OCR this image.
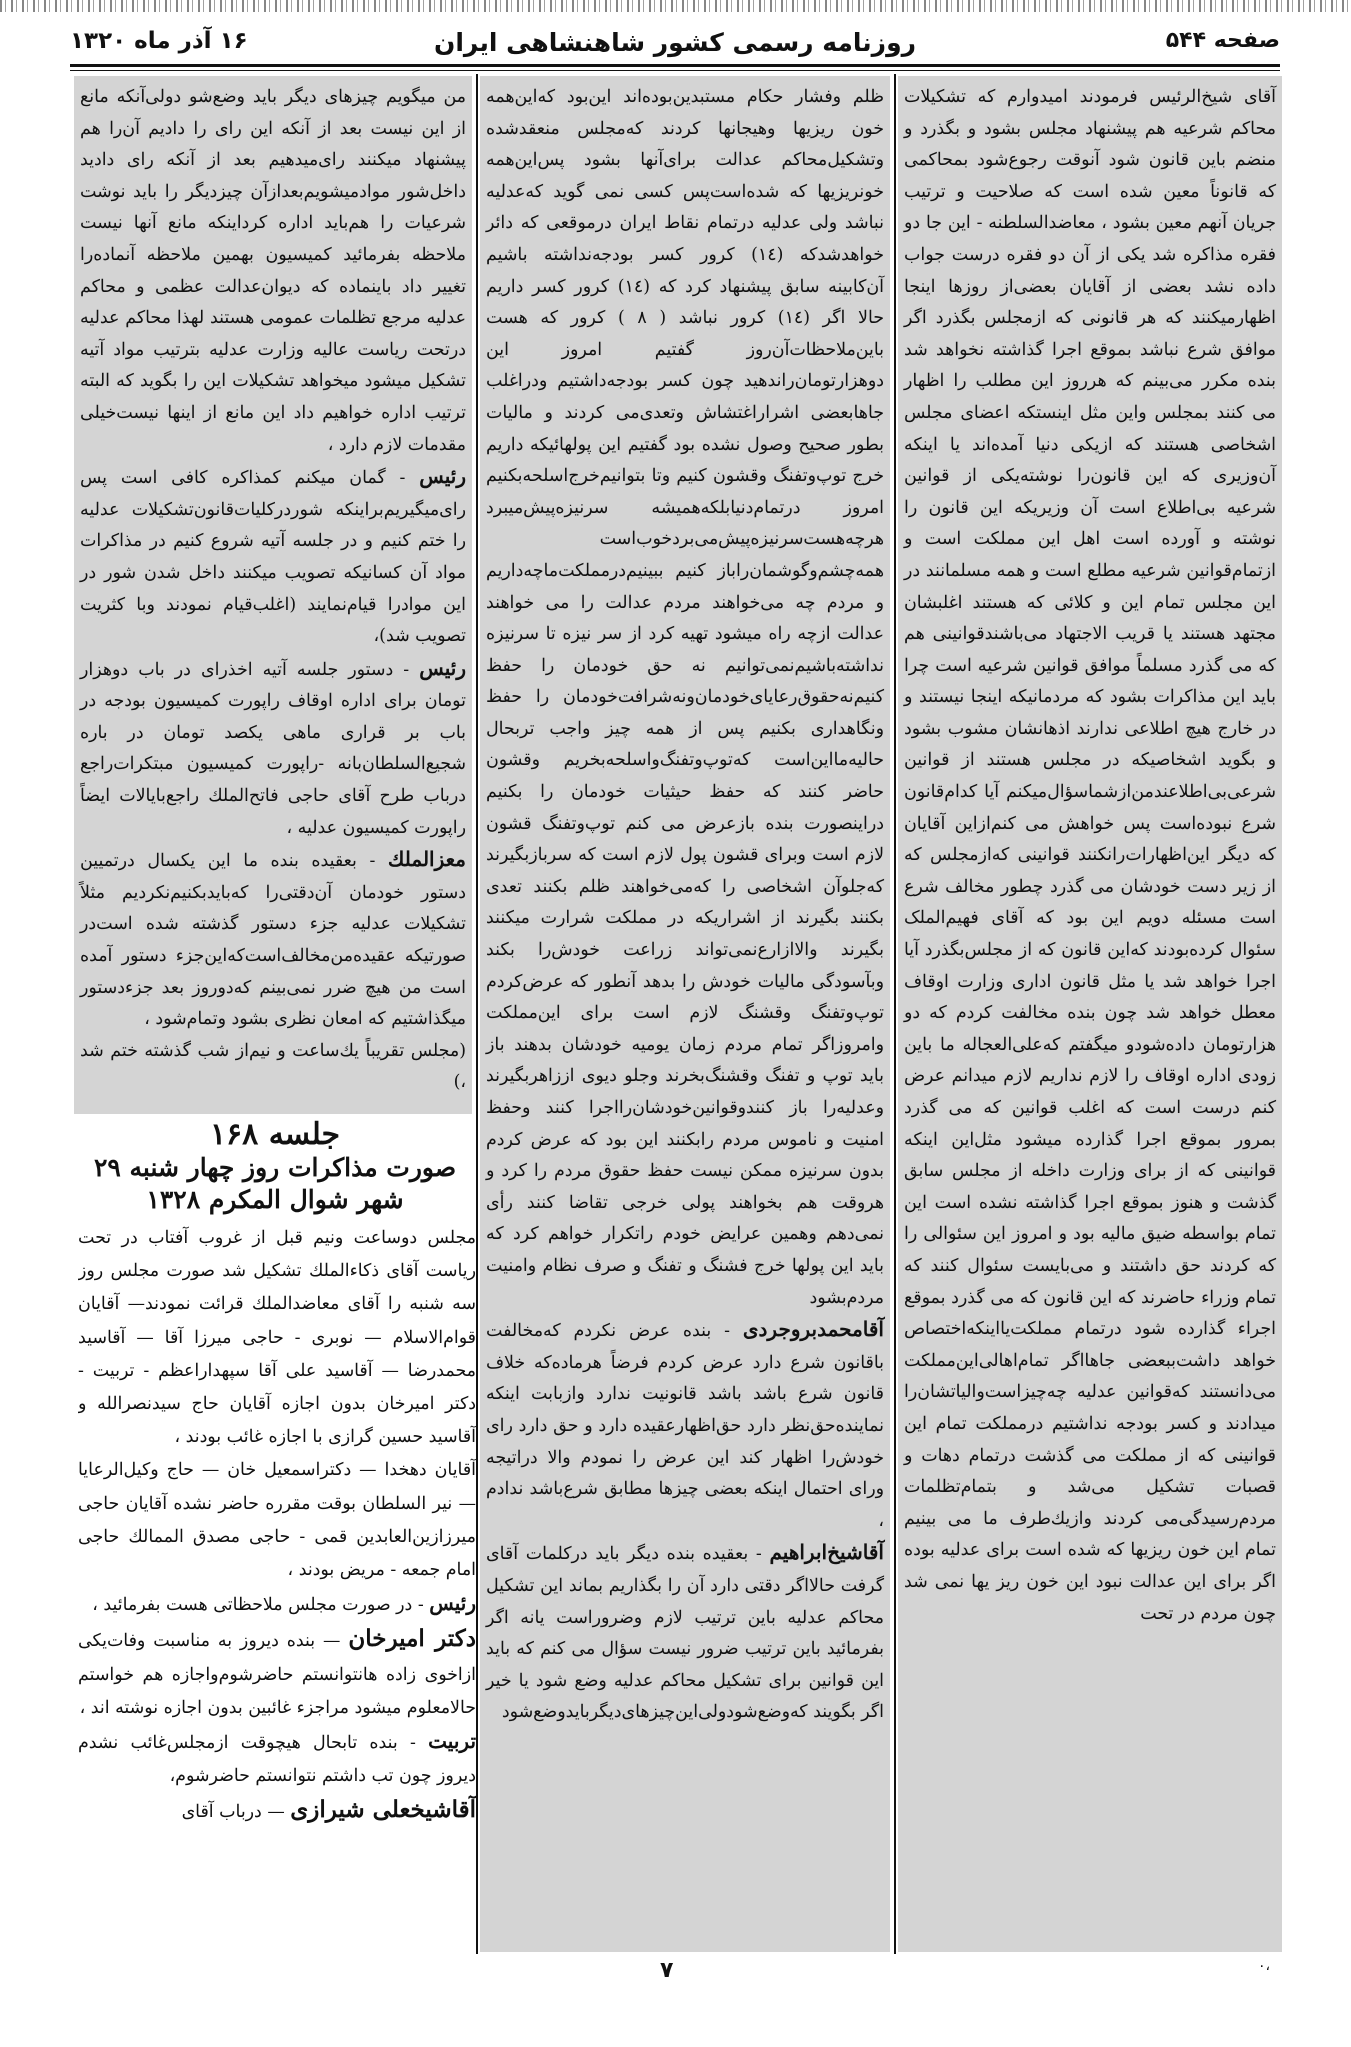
صفحه ۵۴۴
روزنامه رسمی کشور شاهنشاهی ایران
۱۶ آذر ماه ۱۳۲۰

آقای شیخ‌الرئیس فرمودند امیدوارم که تشکیلات محاکم شرعیه هم پیشنهاد مجلس بشود و بگذرد و منضم باین قانون شود آنوقت رجوع‌شود بمحاکمی که قانوناً معین شده است که صلاحیت و ترتیب جریان آنهم معین بشود ، معاضدالسلطنه - این جا دو فقره مذاکره شد یکی از آن دو فقره درست جواب داده نشد بعضی از آقایان بعضی‌از روزها اینجا اظهارمیکنند که هر قانونی که ازمجلس بگذرد اگر موافق شرع نباشد بموقع اجرا گذاشته نخواهد شد بنده مکرر می‌بینم که هرروز این مطلب را اظهار می کنند بمجلس واین مثل اینستکه اعضای مجلس اشخاصی هستند که ازیکی دنیا آمده‌اند یا اینکه آن‌وزیری که این قانون‌را نوشته‌یکی از قوانین شرعیه بی‌اطلاع است آن وزیر‌یکه این قانون را نوشته و آورده است اهل این مملکت است و ازتمام‌قوانین شرعیه مطلع است و همه مسلمانند در این مجلس تمام این و کلائی که هستند اغلبشان مجتهد هستند یا قریب الاجتهاد می‌باشند‌قوانینی هم که می گذرد مسلماً موافق قوانین شرعیه است چرا باید این مذاکرات بشود که مردمانیکه اینجا نیستند و در خارج هیچ اطلاعی ندارند اذهانشان مشوب بشود و بگوید اشخاصیکه در مجلس هستند از قوانین شرعی‌بی‌اطلاعند‌من‌ازشماسؤال‌میکنم آیا کدام‌قانون شرع نبوده‌است پس خواهش می کنم‌ازاین آقایان که دیگر این‌اظهارات‌رانکنند قوانینی که‌ازمجلس که از زیر دست خودشان می گذرد چطور مخالف شرع است مسئله دویم این بود که آقای فهیم‌الملک سئوال کرده‌بودند که‌این قانون که از مجلس‌بگذرد آیا اجرا خواهد شد یا مثل قانون اداری وزارت اوقاف معطل خواهد شد چون بنده مخالفت کردم که دو هزارتومان داده‌شودو میگفتم که‌علی‌العجاله ما باین زودی اداره اوقاف را لازم نداریم لازم میدانم عرض کنم درست است که اغلب قوانین که می گذرد بمرور بموقع اجرا گذارده میشود مثل‌این اینکه قوانینی که از برای وزارت داخله از مجلس سابق گذشت و هنوز بموقع اجرا گذاشته نشده است این تمام بواسطه ضیق مالیه بود و امروز این سئوالی را که کردند حق داشتند و می‌بایست سئوال کنند که تمام وزراء حاضرند که این قانون که می گذرد بموقع اجراء گذارده شود درتمام مملکت‌یااینکه‌اختصاص خواهد داشت‌ببعضی جاهااگر تمام‌اهالی‌این‌مملکت می‌دانستند که‌قوانین عدلیه چه‌چیزاست‌والیاتشان‌را میدادند و کسر بودجه نداشتیم درمملکت تمام این قوانینی که از مملکت می گذشت درتمام دهات و قصبات تشکیل می‌شد و بتمام‌تظلمات مردم‌رسیدگی‌می کردند وازیك‌طرف ما می بینیم تمام این خون ریزیها که شده است برای عدلیه بوده اگر برای این عدالت نبود این خون ریز یها نمی شد چون مردم در تحت

ظلم وفشار حکام مستبدین‌بوده‌اند این‌بود که‌این‌همه خون ریزیها وهیجانها کردند که‌مجلس منعقدشده وتشکیل‌محاکم عدالت برای‌آنها بشود پس‌این‌همه خونریزیها که شده‌است‌پس کسی نمی گوید که‌عدلیه نباشد ولی عدلیه در‌تمام نقاط ایران درموقعی که دائر خواهدشد‌که (١٤) کرور کسر بودجه‌نداشته باشیم آن‌کابینه سابق پیشنهاد کرد که (١٤) کرور کسر داریم حالا اگر (١٤) کرور نباشد ( ٨ ) کرور که هست باین‌ملاحظات‌آن‌روز گفتیم امروز این دوهزار‌تومان‌راندهید چون کسر بودجه‌داشتیم ودراغلب جاها‌بعضی اشرار‌اغتشاش وتعدی‌می کردند و مالیات بطور صحیح وصول نشده بود گفتیم این پولهائیکه داریم خرج توپ‌وتفنگ وقشون کنیم وتا بتوانیم‌خرج‌اسلحه‌بکنیم امروز در‌تمام‌دنیا‌بلکه‌همیشه سرنیزه‌پیش‌میبرد هر‌چه‌هست‌سرنیزه‌پیش‌می‌برد‌خوب‌است همه‌چشم‌وگوشمان‌را‌باز کنیم ‌ببینیم‌در‌مملکت‌ما‌چه‌داریم و مردم چه می‌خواهند مردم عدالت را می خواهند عدالت ازچه راه‌ میشود تهیه کرد از سر نیزه تا سرنیزه نداشته‌باشیم‌نمی‌توانیم نه حق خودمان را حفظ کنیم‌نه‌حقوق‌رعایای‌خودمان‌ونه‌شرافت‌خودمان را حفظ ونگاهداری بکنیم پس از همه چیز واجب تر‌بحال حالیه‌ما‌این‌است که‌توپ‌وتفنگ‌واسلحه‌بخریم وقشون حاضر کنند که حفظ حیثیات خودمان را بکنیم دراینصورت بنده بازعرض می کنم توپ‌وتفنگ قشون لازم است وبرای قشون پول لازم است که سرباز‌بگیرند که‌جلو‌آن اشخاصی را که‌می‌خواهند ظلم بکنند تعدی بکنند بگیرند از اشراریکه در مملکت شرارت میکنند بگیرند والاازارع‌نمی‌تواند زراعت خودش‌را بکند و‌بآسودگی مالیات خودش را بدهد آنطور که عرض‌کردم توپ‌وتفنگ وقشنگ لازم است برای این‌مملکت وامروزا‌گر تمام مردم زمان یومیه خودشان بدهند باز باید توپ و تفنگ وقشنگ‌بخرند و‌جلو دیوی اززاهر‌بگیرند ‌و‌عدلیه‌را باز کنندو‌قوانین‌خودشان‌را‌اجرا کنند‌ وحفظ امنیت و ناموس مردم رابکنند این بود که عرض کردم بدون سرنیزه ممکن نیست حفظ حقوق مردم را کرد و هروقت هم بخواهند پولی خرجی تقاضا کنند رأی نمی‌دهم وهمین عرایض خودم راتکرار خواهم کرد که باید این پولها خرج فشنگ و تفنگ و صرف نظام وامنیت مردم‌بشود

آقامحمدبروجردی - بنده عرض نکردم که‌مخالفت باقانون شرع دارد عرض کردم فرضاً هرماده‌که خلاف قانون شرع باشد باشد قانونیت ندارد وازبابت اینکه نماینده‌حق‌نظر دارد حق‌اظهار‌عقیده دارد و حق دارد رای خودش‌را اظهار کند این عرض را نمودم والا دراتیجه ورای احتمال اینکه بعضی چیزها مطابق شرع‌باشد ندادم ،

آقاشیخ‌ابراهیم - بعقیده بنده دیگر باید در‌کلمات آقای گرفت حالااگر دقتی دارد آن را بگذاریم بماند این تشکیل محاکم عدلیه باین ترتیب لازم وضروراست یانه اگر بفرمائید باین ترتیب ضرور نیست سؤال می کنم که باید این قوانین برای تشکیل محاکم عدلیه وضع شود یا خیر اگر بگویند که‌وضع‌شود‌ولی‌این‌چیزهای‌دیگر‌باید‌وضع‌شود

من میگویم چیزهای دیگر باید وضع‌شو دولی‌آنکه مانع از این نیست بعد از آنکه این رای را دادیم آن‌را هم پیشنهاد میکنند رای‌میدهیم بعد از آنکه رای دادید داخل‌شور موادمیشویم‌بعداز‌آن چیز‌دیگر را باید نوشت شرعیات را هم‌باید اداره کرد‌اینکه مانع آنها نیست ملاحظه بفرمائید کمیسیون بهمین ملاحظه آنماده‌را تغییر داد باینماده که دیوان‌عدالت عظمی و محاکم عدلیه مرجع تظلمات عمومی هستند لهذا محاکم عدلیه درتحت ریاست عالیه وزارت عدلیه بترتیب مواد آتیه تشکیل میشود میخواهد تشکیلات این را بگوید که البته ترتیب اداره خواهیم داد این مانع از اینها نیست‌خیلی مقدمات لازم دارد ،

رئیس - گمان میکنم کمذاکره کافی است پس رای‌میگیریم‌براینکه شوردر‌کلیات‌قانون‌تشکیلات عدلیه را ختم کنیم و در جلسه آتیه شروع کنیم در مذاکرات مواد آن کسانیکه تصویب میکنند داخل شدن شور در این موادرا قیام‌نمایند (اغلب‌قیام نمودند وبا کثریت تصویب شد)،

رئیس - دستور جلسه آتیه اخذرای در باب دوهزار تومان برای اداره اوقاف راپورت کمیسیون بودجه در باب بر قراری ماهی یکصد تومان در باره شجیع‌السلطان‌بانه -راپورت کمیسیون مبتکرات‌راجع درباب طرح آقای حاجی فاتح‌الملك راجع‌بایالات ایضاً راپورت کمیسیون عدلیه ،

معزالملك - بعقیده بنده ما این یکسال درتمیین دستور خودمان آن‌دقتی‌را که‌بایدبکنیم‌نکردیم مثلاً تشکیلات عدلیه جزء دستور گذشته شده است‌در صورتیکه عقیده‌من‌مخالف‌است‌که‌این‌جزء دستور آمده است من هیچ ضرر نمی‌بینم که‌دوروز بعد جزءدستور میگذاشتیم که امعان نظری بشود وتمام‌شود ،

(مجلس تقریباً یك‌ساعت و نیم‌از شب گذشته ختم شد ،)

جلسه ۱۶۸
صورت مذاکرات روز چهار شنبه ۲۹
شهر شوال المکرم ۱۳۲۸

مجلس دوساعت ونیم قبل از غروب آفتاب در تحت ریاست آقای ذکاءالملك تشکیل شد صورت مجلس روز سه شنبه را آقای معاضدالملك قرائت نمودند— آقایان قوام‌الاسلام — نوبری - حاجی میرزا آقا — آقاسید محمدرضا — آقاسید علی آقا سپهداراعظم - تربیت - دکتر امیرخان بدون اجازه آقایان حاج سیدنصرالله و آقاسید حسین گرازی با اجازه غائب بودند ،

آقایان دهخدا — دکتراسمعیل خان — حاج وکیل‌الرعایا — نیر السلطان بوقت مقرره حاضر نشده آقایان حاجی میرزاز‌ین‌العابدین قمی - حاجی مصدق الممالك حاجی امام جمعه - مریض بودند ،

رئیس - در صورت مجلس ملاحظاتی هست بفرمائید ،

دکتر امیرخان — بنده دیروز به مناسبت وفات‌یکی ازاخوی زاده هانتوانستم حاضر‌شوم‌واجازه هم خواستم حالامعلوم میشود مراجزء غائبین بدون اجازه نوشته اند ،

تربیت - بنده تابحال هیچوقت ازمجلس‌غائب نشدم دیروز چون تب داشتم نتوانستم حاضر‌شوم،

آقاشیخعلی شیرازی — درباب آقای

۷	٠،
